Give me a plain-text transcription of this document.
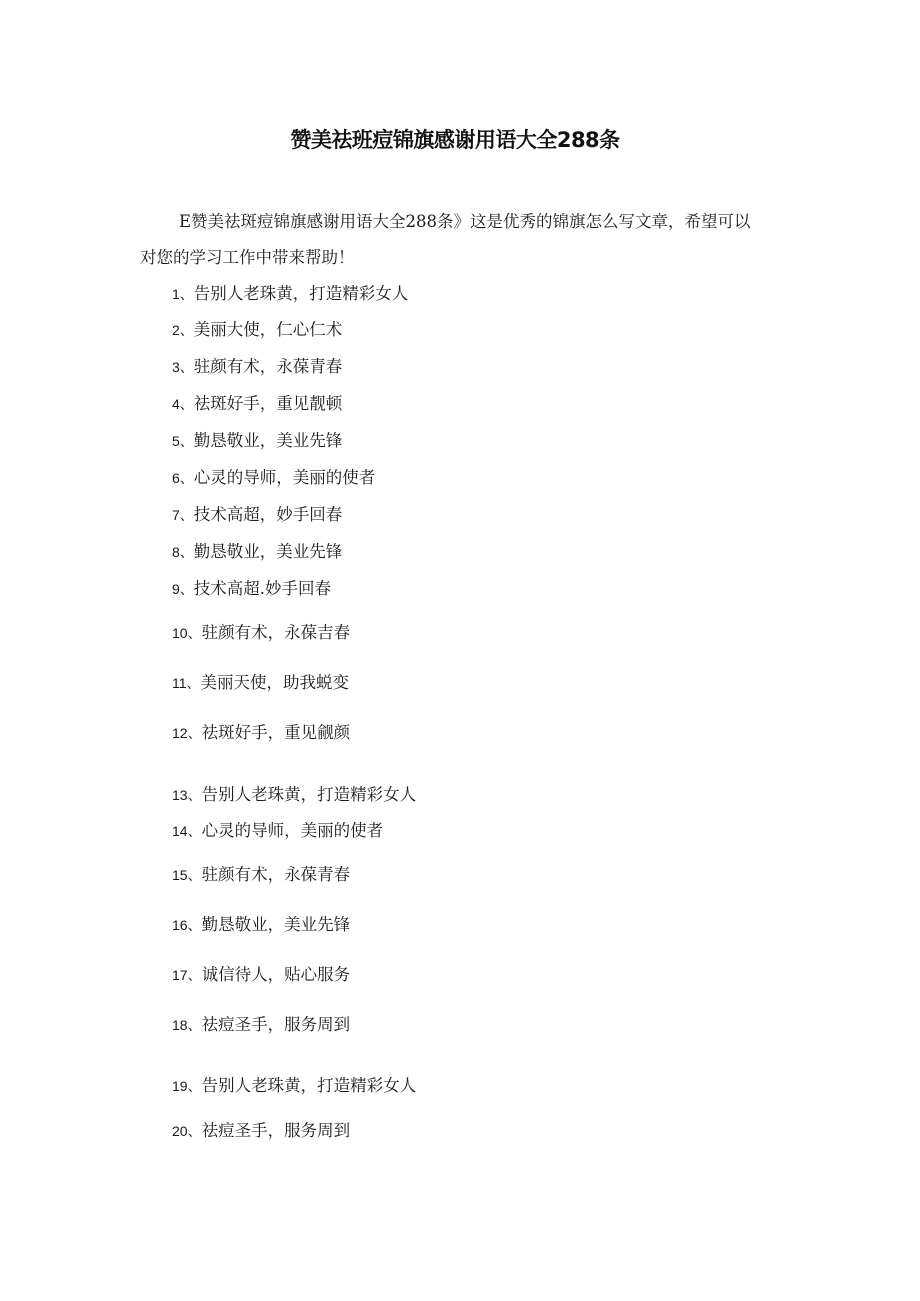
赞美祛班痘锦旗感谢用语大全288条
E赞美祛斑痘锦旗感谢用语大全288条》这是优秀的锦旗怎么写文章，希望可以对您的学习工作中带来帮助！
1、告别人老珠黄，打造精彩女人
2、美丽大使，仁心仁术
3、驻颜有术，永葆青春
4、祛斑好手，重见靓顿
5、勤恳敬业，美业先锋
6、心灵的导师，美丽的使者
7、技术高超，妙手回春
8、勤恳敬业，美业先锋
9、技术高超.妙手回春
10、驻颜有术，永葆吉春
11、美丽天使，助我蜕变
12、祛斑好手，重见觎颜
13、告别人老珠黄，打造精彩女人
14、心灵的导师，美丽的使者
15、驻颜有术，永葆青春
16、勤恳敬业，美业先锋
17、诚信待人，贴心服务
18、祛痘圣手，服务周到
19、告别人老珠黄，打造精彩女人
20、祛痘圣手，服务周到
